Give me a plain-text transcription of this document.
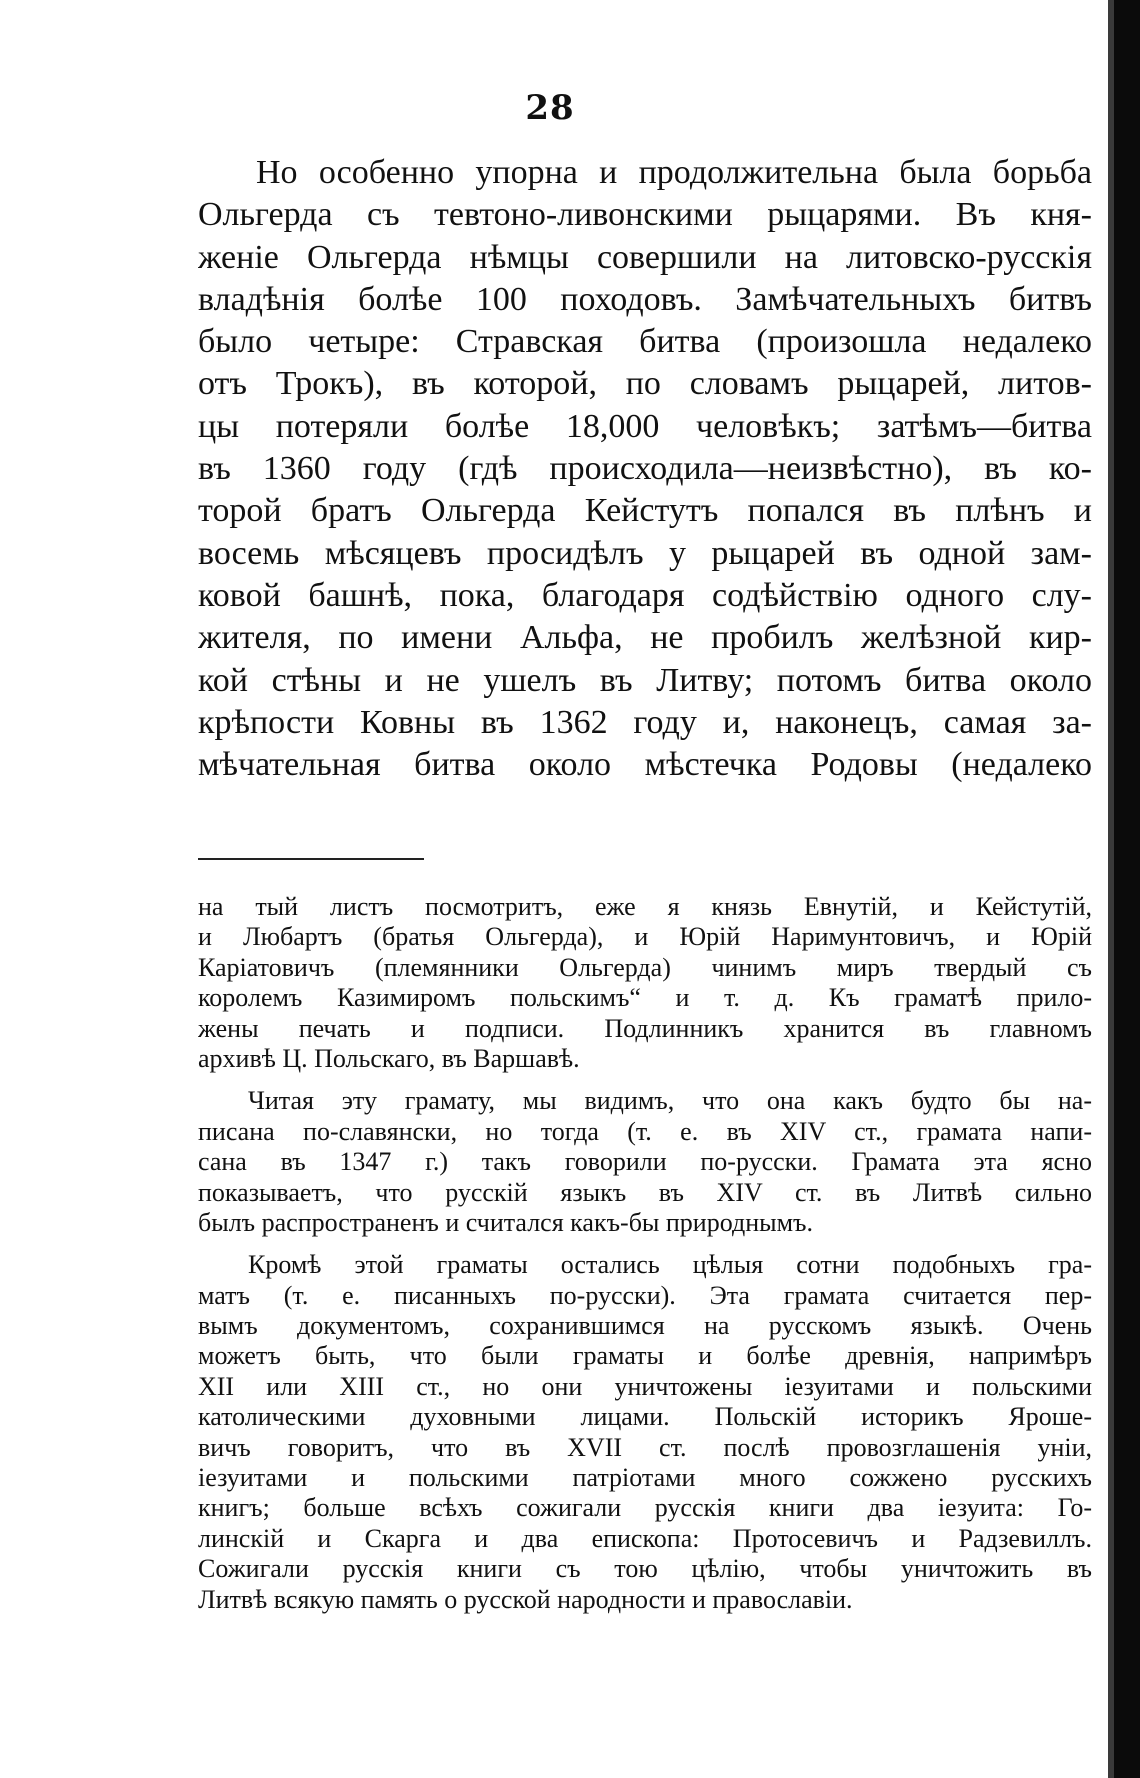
28
Но особенно упорна и продолжительна была борьба
Ольгерда съ тевтоно-ливонскими рыцарями. Въ кня-
женіе Ольгерда нѣмцы совершили на литовско-русскія
владѣнія болѣе 100 походовъ. Замѣчательныхъ битвъ
было четыре: Стравская битва (произошла недалеко
отъ Трокъ), въ которой, по словамъ рыцарей, литов-
цы потеряли болѣе 18,000 человѣкъ; затѣмъ—битва
въ 1360 году (гдѣ происходила—неизвѣстно), въ ко-
торой братъ Ольгерда Кейстутъ попался въ плѣнъ и
восемь мѣсяцевъ просидѣлъ у рыцарей въ одной зам-
ковой башнѣ, пока, благодаря содѣйствію одного слу-
жителя, по имени Альфа, не пробилъ желѣзной кир-
кой стѣны и не ушелъ въ Литву; потомъ битва около
крѣпости Ковны въ 1362 году и, наконецъ, самая за-
мѣчательная битва около мѣстечка Родовы (недалеко
на тый листъ посмотритъ, еже я князь Евнутій, и Кейстутій,
и Любартъ (братья Ольгерда), и Юрій Наримунтовичъ, и Юрій
Каріатовичъ (племянники Ольгерда) чинимъ миръ твердый съ
королемъ Казимиромъ польскимъ“ и т. д. Къ граматѣ прило-
жены печать и подписи. Подлинникъ хранится въ главномъ
архивѣ Ц. Польскаго, въ Варшавѣ.
Читая эту грамату, мы видимъ, что она какъ будто бы на-
писана по-славянски, но тогда (т. е. въ XIV ст., грамата напи-
сана въ 1347 г.) такъ говорили по-русски. Грамата эта ясно
показываетъ, что русскій языкъ въ XIV ст. въ Литвѣ сильно
былъ распространенъ и считался какъ-бы природнымъ.
Кромѣ этой граматы остались цѣлыя сотни подобныхъ гра-
матъ (т. е. писанныхъ по-русски). Эта грамата считается пер-
вымъ документомъ, сохранившимся на русскомъ языкѣ. Очень
можетъ быть, что были граматы и болѣе древнія, напримѣръ
XII или XIII ст., но они уничтожены іезуитами и польскими
католическими духовными лицами. Польскій историкъ Яроше-
вичъ говоритъ, что въ XVII ст. послѣ провозглашенія уніи,
іезуитами и польскими патріотами много сожжено русскихъ
книгъ; больше всѣхъ сожигали русскія книги два іезуита: Го-
линскій и Скарга и два епископа: Протосевичъ и Радзевиллъ.
Сожигали русскія книги съ тою цѣлію, чтобы уничтожить въ
Литвѣ всякую память о русской народности и православіи.
